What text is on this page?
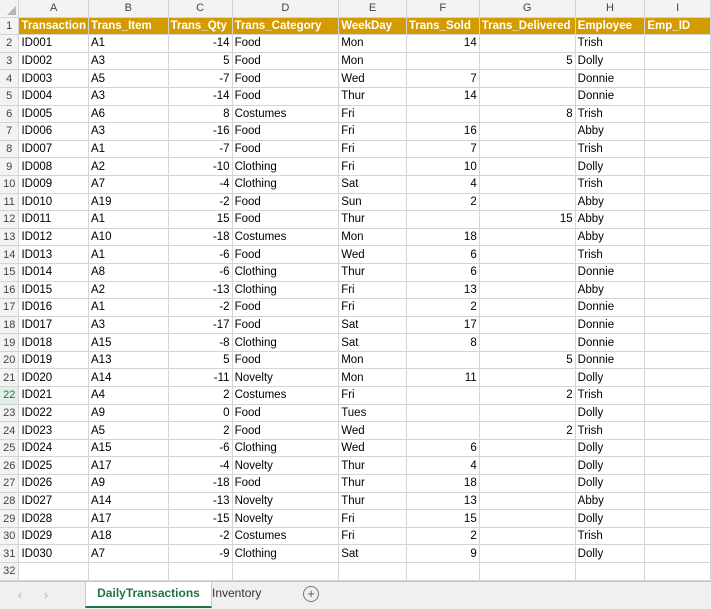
	A	B	C	D	E	F	G	H	I
1	Transaction	Trans_Item	Trans_Qty	Trans_Category	WeekDay	Trans_Sold	Trans_Delivered	Employee	Emp_ID
2	ID001	A1	-14	Food	Mon	14		Trish	
3	ID002	A3	5	Food	Mon		5	Dolly	
4	ID003	A5	-7	Food	Wed	7		Donnie	
5	ID004	A3	-14	Food	Thur	14		Donnie	
6	ID005	A6	8	Costumes	Fri		8	Trish	
7	ID006	A3	-16	Food	Fri	16		Abby	
8	ID007	A1	-7	Food	Fri	7		Trish	
9	ID008	A2	-10	Clothing	Fri	10		Dolly	
10	ID009	A7	-4	Clothing	Sat	4		Trish	
11	ID010	A19	-2	Food	Sun	2		Abby	
12	ID011	A1	15	Food	Thur		15	Abby	
13	ID012	A10	-18	Costumes	Mon	18		Abby	
14	ID013	A1	-6	Food	Wed	6		Trish	
15	ID014	A8	-6	Clothing	Thur	6		Donnie	
16	ID015	A2	-13	Clothing	Fri	13		Abby	
17	ID016	A1	-2	Food	Fri	2		Donnie	
18	ID017	A3	-17	Food	Sat	17		Donnie	
19	ID018	A15	-8	Clothing	Sat	8		Donnie	
20	ID019	A13	5	Food	Mon		5	Donnie	
21	ID020	A14	-11	Novelty	Mon	11		Dolly	
22	ID021	A4	2	Costumes	Fri		2	Trish	
23	ID022	A9	0	Food	Tues			Dolly	
24	ID023	A5	2	Food	Wed		2	Trish	
25	ID024	A15	-6	Clothing	Wed	6		Dolly	
26	ID025	A17	-4	Novelty	Thur	4		Dolly	
27	ID026	A9	-18	Food	Thur	18		Dolly	
28	ID027	A14	-13	Novelty	Thur	13		Abby	
29	ID028	A17	-15	Novelty	Fri	15		Dolly	
30	ID029	A18	-2	Costumes	Fri	2		Trish	
31	ID030	A7	-9	Clothing	Sat	9		Dolly	
32									
‹ ›	DailyTransactions	Inventory	+
